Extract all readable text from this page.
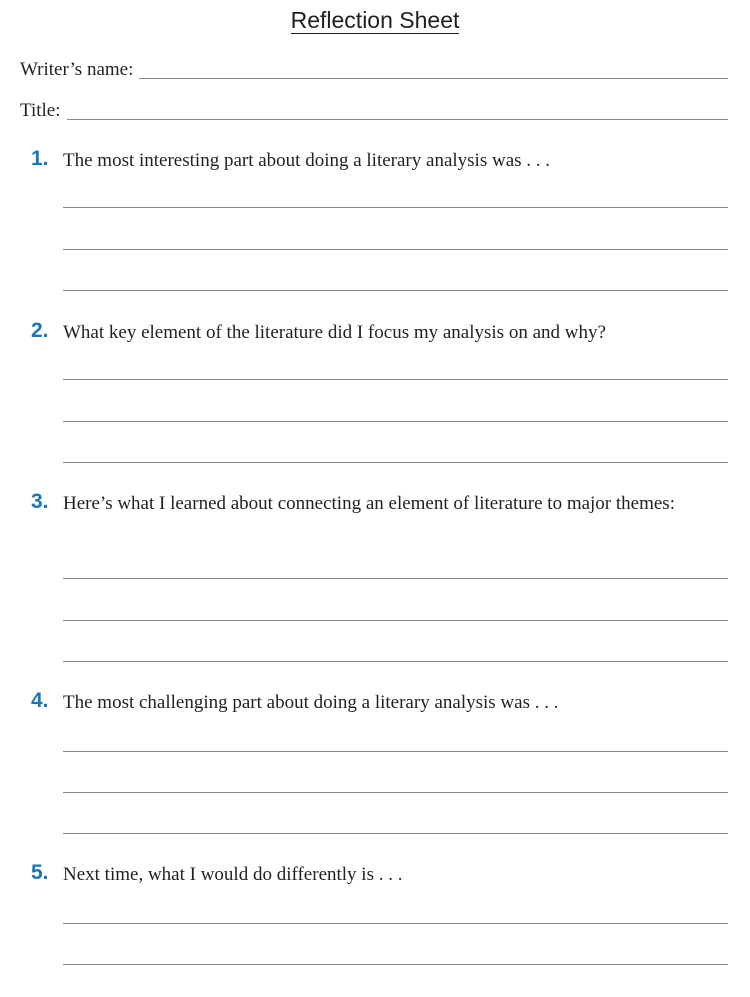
Reflection Sheet
Writer’s name:
Title:
1. The most interesting part about doing a literary analysis was . . .
2. What key element of the literature did I focus my analysis on and why?
3. Here’s what I learned about connecting an element of literature to major themes:
4. The most challenging part about doing a literary analysis was . . .
5. Next time, what I would do differently is . . .
